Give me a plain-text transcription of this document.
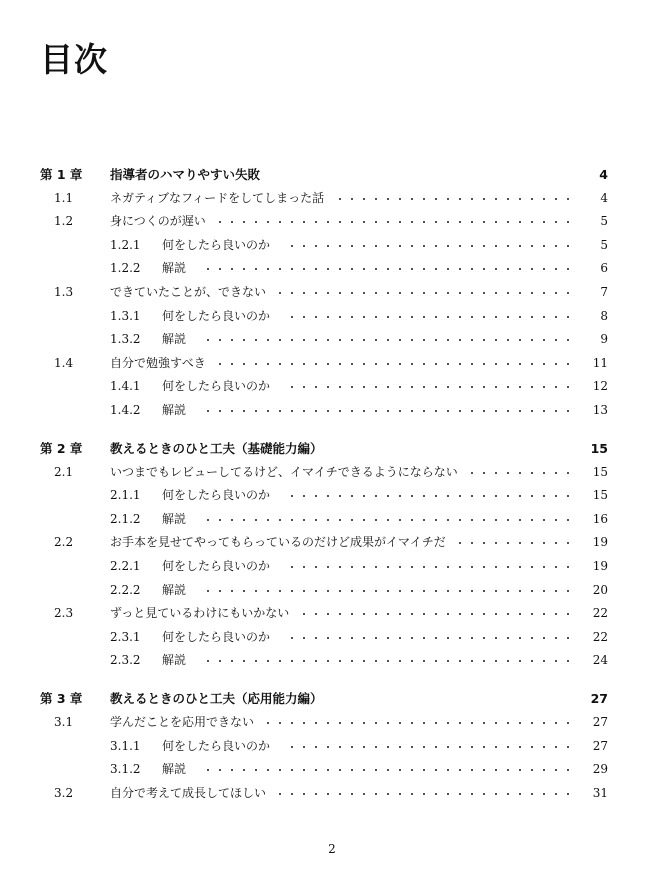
目次
第 1 章 指導者のハマりやすい失敗	4
1.1	ネガティブなフィードをしてしまった話	4
1.2	身につくのが遅い	5
1.2.1 何をしたら良いのか	5
1.2.2 解説	6
1.3	できていたことが、できない	7
1.3.1 何をしたら良いのか	8
1.3.2 解説	9
1.4	自分で勉強すべき	11
1.4.1 何をしたら良いのか	12
1.4.2 解説	13
第 2 章 教えるときのひと工夫（基礎能力編）	15
2.1	いつまでもレビューしてるけど、イマイチできるようにならない	15
2.1.1 何をしたら良いのか	15
2.1.2 解説	16
2.2	お手本を見せてやってもらっているのだけど成果がイマイチだ	19
2.2.1 何をしたら良いのか	19
2.2.2 解説	20
2.3	ずっと見ているわけにもいかない	22
2.3.1 何をしたら良いのか	22
2.3.2 解説	24
第 3 章 教えるときのひと工夫（応用能力編）	27
3.1	学んだことを応用できない	27
3.1.1 何をしたら良いのか	27
3.1.2 解説	29
3.2	自分で考えて成長してほしい	31
2
